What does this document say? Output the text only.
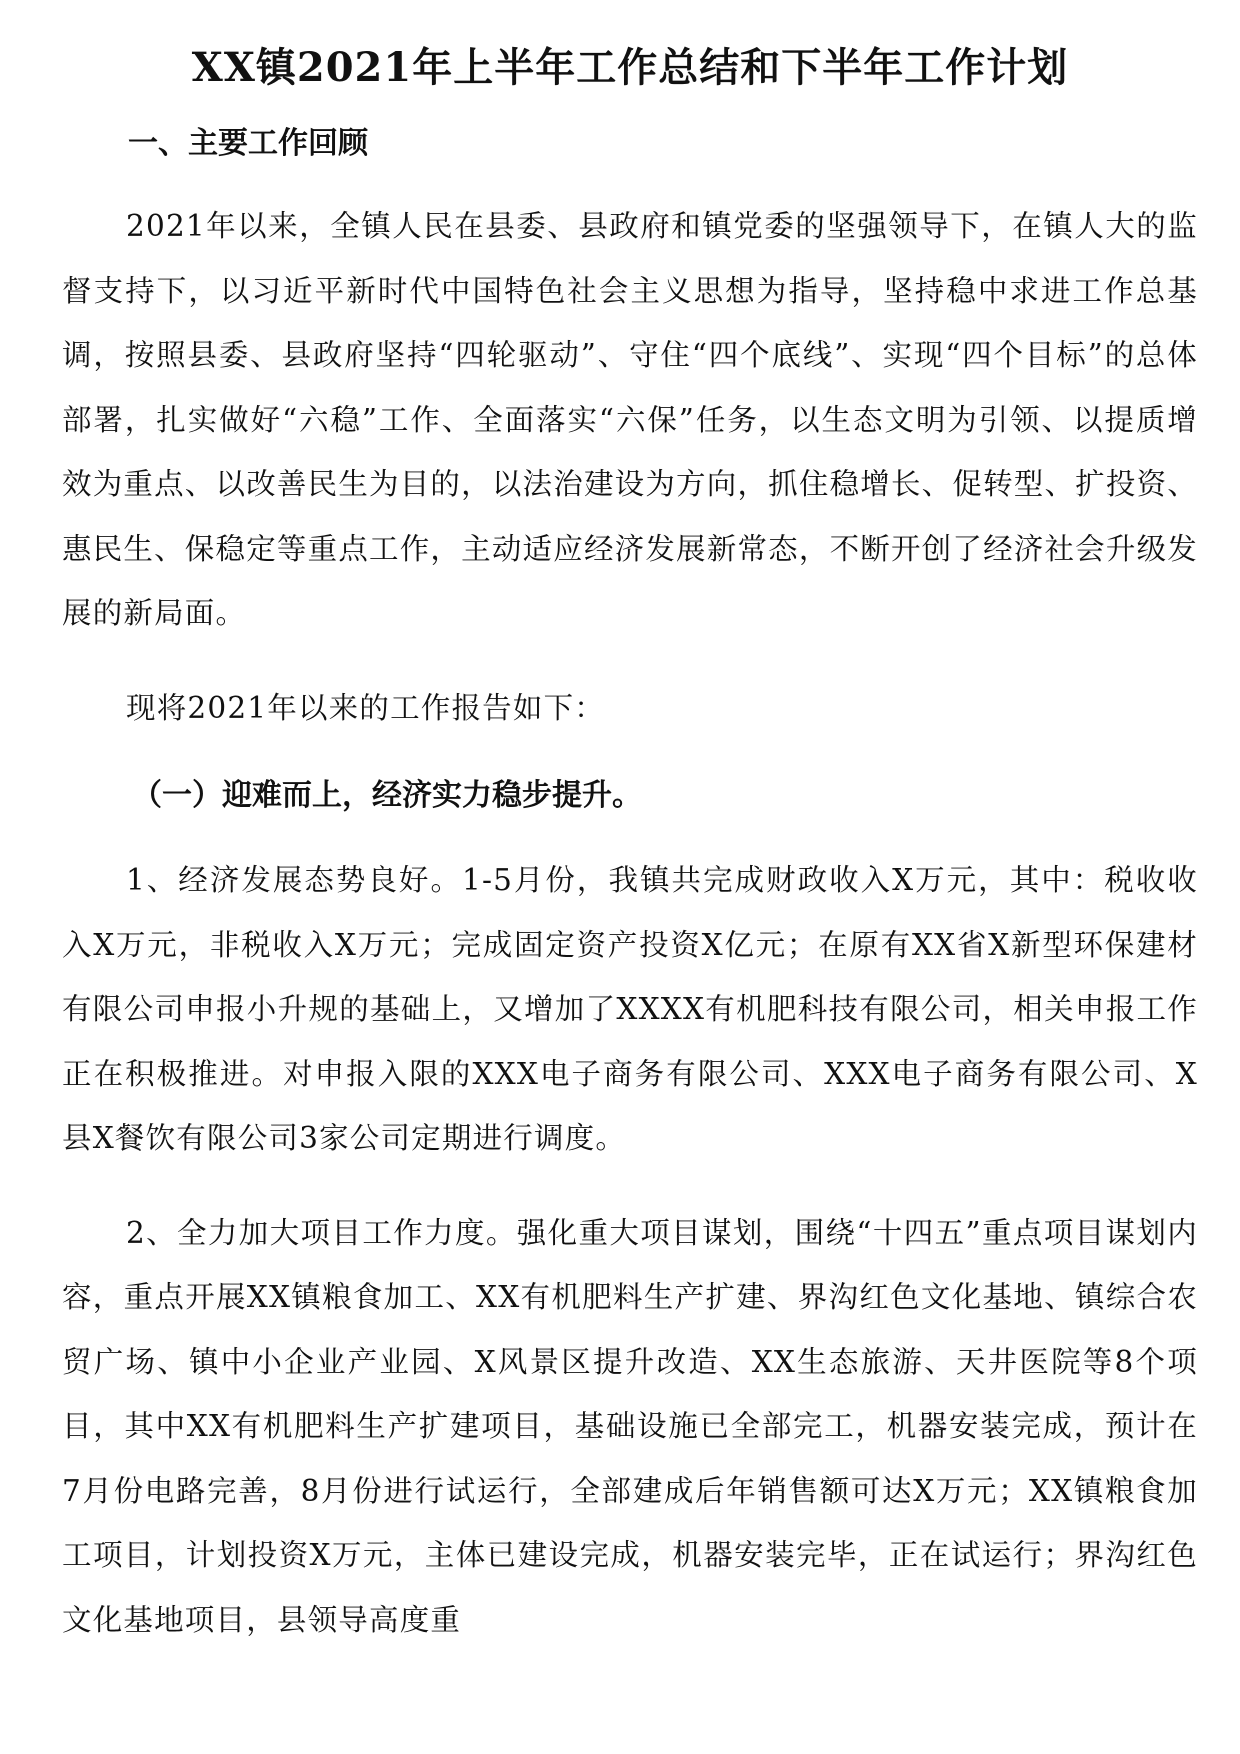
XX镇2021年上半年工作总结和下半年工作计划
一、主要工作回顾

2021年以来，全镇人民在县委、县政府和镇党委的坚强领导下，在镇人大的监督支持下，以习近平新时代中国特色社会主义思想为指导，坚持稳中求进工作总基调，按照县委、县政府坚持“四轮驱动”、守住“四个底线”、实现“四个目标”的总体部署，扎实做好“六稳”工作、全面落实“六保”任务，以生态文明为引领、以提质增效为重点、以改善民生为目的，以法治建设为方向，抓住稳增长、促转型、扩投资、惠民生、保稳定等重点工作，主动适应经济发展新常态，不断开创了经济社会升级发展的新局面。

现将2021年以来的工作报告如下：

（一）迎难而上，经济实力稳步提升。

1、经济发展态势良好。1-5月份，我镇共完成财政收入X万元，其中：税收收入X万元，非税收入X万元；完成固定资产投资X亿元；在原有XX省X新型环保建材有限公司申报小升规的基础上，又增加了XXXX有机肥科技有限公司，相关申报工作正在积极推进。对申报入限的XXX电子商务有限公司、XXX电子商务有限公司、X县X餐饮有限公司3家公司定期进行调度。

2、全力加大项目工作力度。强化重大项目谋划，围绕“十四五”重点项目谋划内容，重点开展XX镇粮食加工、XX有机肥料生产扩建、界沟红色文化基地、镇综合农贸广场、镇中小企业产业园、X风景区提升改造、XX生态旅游、天井医院等8个项目，其中XX有机肥料生产扩建项目，基础设施已全部完工，机器安装完成，预计在7月份电路完善，8月份进行试运行，全部建成后年销售额可达X万元；XX镇粮食加工项目，计划投资X万元，主体已建设完成，机器安装完毕，正在试运行；界沟红色文化基地项目，县领导高度重
